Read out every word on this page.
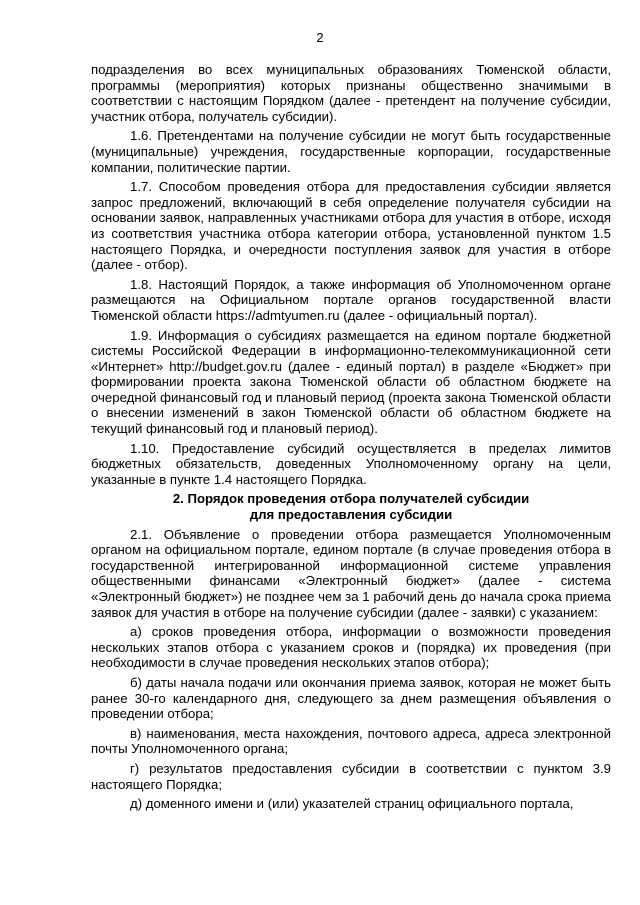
2

подразделения во всех муниципальных образованиях Тюменской области, программы (мероприятия) которых признаны общественно значимыми в соответствии с настоящим Порядком (далее - претендент на получение субсидии, участник отбора, получатель субсидии).

1.6. Претендентами на получение субсидии не могут быть государственные (муниципальные) учреждения, государственные корпорации, государственные компании, политические партии.

1.7. Способом проведения отбора для предоставления субсидии является запрос предложений, включающий в себя определение получателя субсидии на основании заявок, направленных участниками отбора для участия в отборе, исходя из соответствия участника отбора категории отбора, установленной пунктом 1.5 настоящего Порядка, и очередности поступления заявок для участия в отборе (далее - отбор).

1.8. Настоящий Порядок, а также информация об Уполномоченном органе размещаются на Официальном портале органов государственной власти Тюменской области https://admtyumen.ru (далее - официальный портал).

1.9. Информация о субсидиях размещается на едином портале бюджетной системы Российской Федерации в информационно-телекоммуникационной сети «Интернет» http://budget.gov.ru (далее - единый портал) в разделе «Бюджет» при формировании проекта закона Тюменской области об областном бюджете на очередной финансовый год и плановый период (проекта закона Тюменской области о внесении изменений в закон Тюменской области об областном бюджете на текущий финансовый год и плановый период).

1.10. Предоставление субсидий осуществляется в пределах лимитов бюджетных обязательств, доведенных Уполномоченному органу на цели, указанные в пункте 1.4 настоящего Порядка.

2. Порядок проведения отбора получателей субсидии
для предоставления субсидии

2.1. Объявление о проведении отбора размещается Уполномоченным органом на официальном портале, едином портале (в случае проведения отбора в государственной интегрированной информационной системе управления общественными финансами «Электронный бюджет» (далее - система «Электронный бюджет») не позднее чем за 1 рабочий день до начала срока приема заявок для участия в отборе на получение субсидии (далее - заявки) с указанием:

а) сроков проведения отбора, информации о возможности проведения нескольких этапов отбора с указанием сроков и (порядка) их проведения (при необходимости в случае проведения нескольких этапов отбора);

б) даты начала подачи или окончания приема заявок, которая не может быть ранее 30-го календарного дня, следующего за днем размещения объявления о проведении отбора;

в) наименования, места нахождения, почтового адреса, адреса электронной почты Уполномоченного органа;

г) результатов предоставления субсидии в соответствии с пунктом 3.9 настоящего Порядка;

д) доменного имени и (или) указателей страниц официального портала,
